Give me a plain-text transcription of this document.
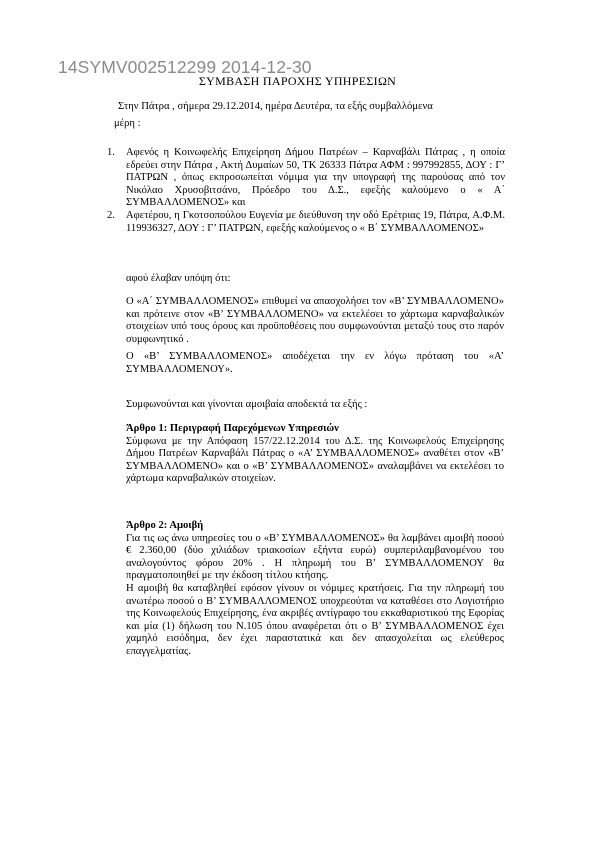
14SYMV002512299 2014-12-30
ΣΥΜΒΑΣΗ ΠΑΡΟΧΗΣ ΥΠΗΡΕΣΙΩΝ
Στην Πάτρα , σήμερα 29.12.2014, ημέρα Δευτέρα, τα εξής συμβαλλόμενα
μέρη :
1. Αφενός η Κοινωφελής Επιχείρηση Δήμου Πατρέων – Καρναβάλι Πάτρας , η οποία εδρεύει στην Πάτρα , Ακτή Δυμαίων 50, ΤΚ 26333 Πάτρα ΑΦΜ : 997992855, ΔΟΥ : Γ’ ΠΑΤΡΩΝ , όπως εκπροσωπείται νόμιμα για την υπογραφή της παρούσας από τον Νικόλαο Χρυσοβιτσάνο, Πρόεδρο του Δ.Σ., εφεξής καλούμενο ο « Α΄ ΣΥΜΒΑΛΛΟΜΕΝΟΣ» και
2. Αφετέρου, η Γκοτσοπούλου Ευγενία με διεύθυνση την οδό Ερέτριας 19, Πάτρα, Α.Φ.Μ. 119936327, ΔΟΥ : Γ’ ΠΑΤΡΩΝ, εφεξής καλούμενος ο « Β΄ ΣΥΜΒΑΛΛΟΜΕΝΟΣ»
αφού έλαβαν υπόψη ότι:

Ο «Α΄ ΣΥΜΒΑΛΛΟΜΕΝΟΣ» επιθυμεί να απασχολήσει τον «Β’ ΣΥΜΒΑΛΛΟΜΕΝΟ» και πρότεινε στον «Β’ ΣΥΜΒΑΛΛΟΜΕΝΟ» να εκτελέσει το χάρτωμα καρναβαλικών στοιχείων υπό τους όρους και προϋποθέσεις που συμφωνούνται μεταξύ τους στο παρόν συμφωνητικό .

Ο «Β’ ΣΥΜΒΑΛΛΟΜΕΝΟΣ» αποδέχεται την εν λόγω πρόταση του «Α’ ΣΥΜΒΑΛΛΟΜΕΝΟΥ».

Συμφωνούνται και γίνονται αμοιβαία αποδεκτά τα εξής :
Άρθρο 1: Περιγραφή Παρεχόμενων Υπηρεσιών

Σύμφωνα με την Απόφαση 157/22.12.2014 του Δ.Σ. της Κοινωφελούς Επιχείρησης Δήμου Πατρέων Καρναβάλι Πάτρας ο «Α’ ΣΥΜΒΑΛΛΟΜΕΝΟΣ» αναθέτει στον «Β’ ΣΥΜΒΑΛΛΟΜΕΝΟ» και ο «Β’ ΣΥΜΒΑΛΛΟΜΕΝΟΣ» αναλαμβάνει να εκτελέσει το χάρτωμα καρναβαλικών στοιχείων.

Άρθρο 2: Αμοιβή

Για τις ως άνω υπηρεσίες του ο «Β’ ΣΥΜΒΑΛΛΟΜΕΝΟΣ» θα λαμβάνει αμοιβή ποσού € 2.360,00 (δύο χιλιάδων τριακοσίων εξήντα ευρώ) συμπεριλαμβανομένου του αναλογούντος φόρου 20% . Η πληρωμή του Β’ ΣΥΜΒΑΛΛΟΜΕΝΟΥ θα πραγματοποιηθεί με την έκδοση τίτλου κτήσης.

Η αμοιβή θα καταβληθεί εφόσον γίνουν οι νόμιμες κρατήσεις. Για την πληρωμή του ανωτέρω ποσού ο Β’ ΣΥΜΒΑΛΛΟΜΕΝΟΣ υποχρεούται να καταθέσει στο Λογιστήριο της Κοινωφελούς Επιχείρησης, ένα ακριβές αντίγραφο του εκκαθαριστικού της Εφορίας και μία (1) δήλωση του Ν.105 όπου αναφέρεται ότι ο Β’ ΣΥΜΒΑΛΛΟΜΕΝΟΣ έχει χαμηλό εισόδημα, δεν έχει παραστατικά και δεν απασχολείται ως ελεύθερος επαγγελματίας.
